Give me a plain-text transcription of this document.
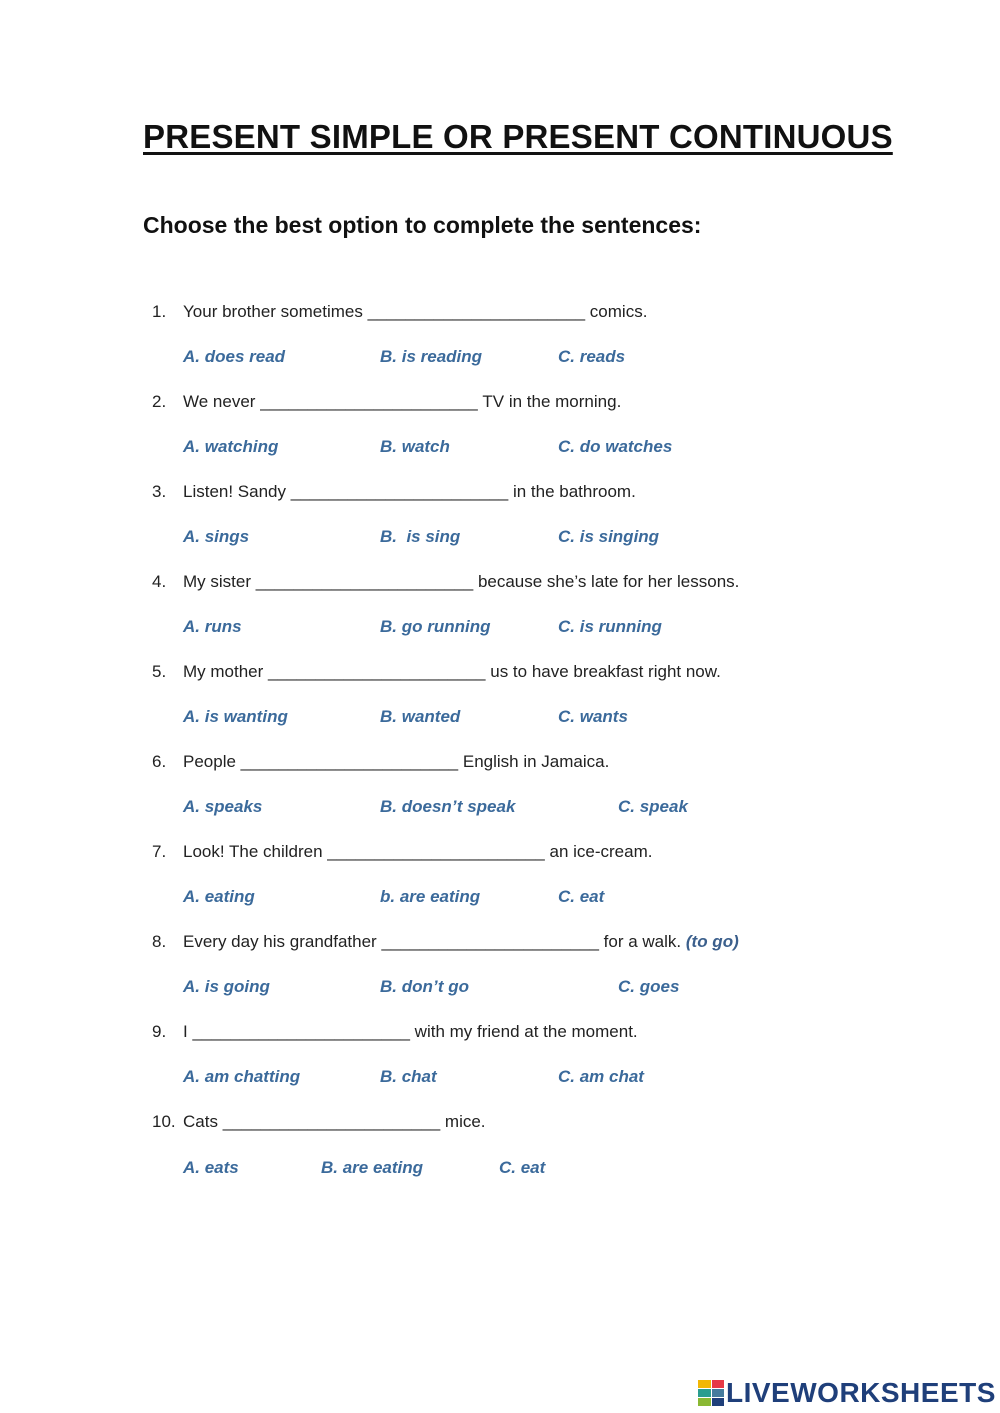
PRESENT SIMPLE OR PRESENT CONTINUOUS
Choose the best option to complete the sentences:
1. Your brother sometimes
_______________________
comics.
A. does read	B. is reading	C. reads
2. We never
_______________________
TV in the morning.
A. watching	B. watch	C. do watches
3. Listen! Sandy
_______________________
in the bathroom.
A. sings	B.  is sing	C. is singing
4. My sister
_______________________
because she’s late for her lessons.
A. runs	B. go running	C. is running
5. My mother
_______________________
us to have breakfast right now.
A. is wanting	B. wanted	C. wants
6. People
_______________________
English in Jamaica.
A. speaks	B. doesn’t speak	C. speak
7. Look! The children
_______________________
an ice-cream.
A. eating	b. are eating	C. eat
8. Every day his grandfather
_______________________
for a walk.
(to go)
A. is going	B. don’t go	C. goes
9. I
_______________________
with my friend at the moment.
A. am chatting	B. chat	C. am chat
10. Cats
_______________________
mice.
A. eats	B. are eating	C. eat
LIVEWORKSHEETS
